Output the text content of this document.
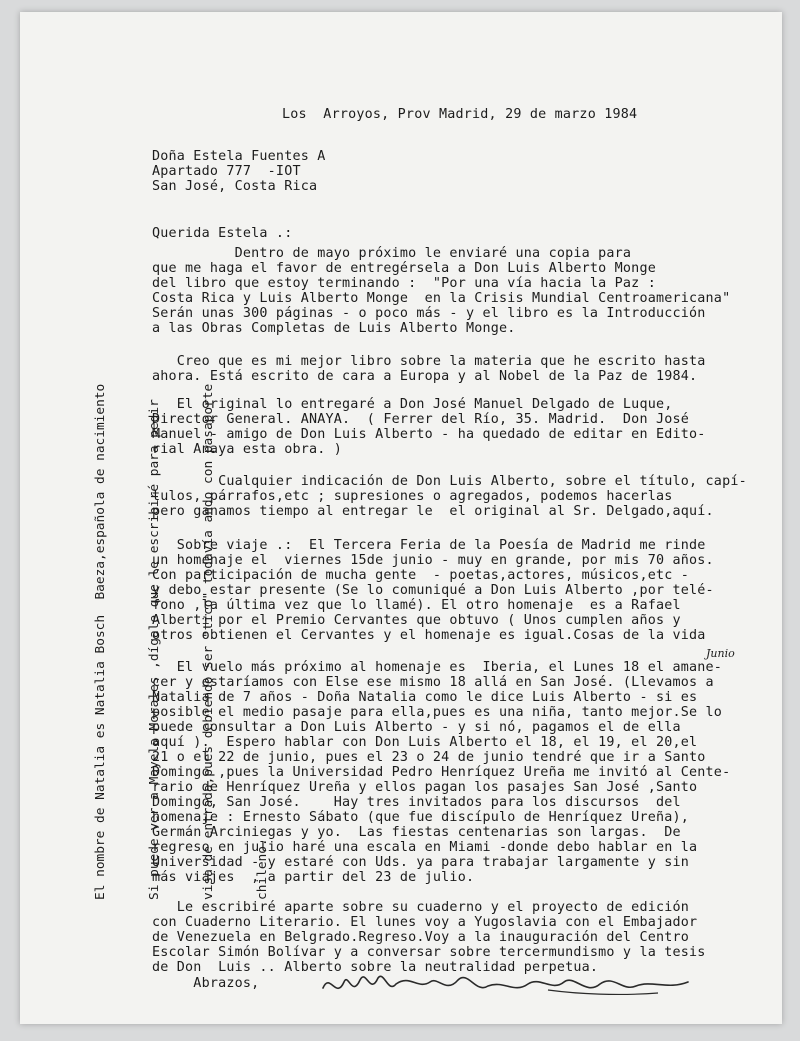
Los  Arroyos, Prov Madrid, 29 de marzo 1984
Doña Estela Fuentes A
Apartado 777  -IOT
San José, Costa Rica
Querida Estela .:
Dentro de mayo próximo le enviaré una copia para
que me haga el favor de entregérsela a Don Luis Alberto Monge
del libro que estoy terminando :  "Por una vía hacia la Paz :
Costa Rica y Luis Alberto Monge  en la Crisis Mundial Centroamericana"
Serán unas 300 páginas - o poco más - y el libro es la Introducción
a las Obras Completas de Luis Alberto Monge.
Creo que es mi mejor libro sobre la materia que he escrito hasta
ahora. Está escrito de cara a Europa y al Nobel de la Paz de 1984.
El original lo entregaré a Don José Manuel Delgado de Luque,
Director General. ANAYA.  ( Ferrer del Río, 35. Madrid.  Don José
Manuel - amigo de Don Luis Alberto - ha quedado de editar en Edito-
rial Anaya esta obra. )
Cualquier indicación de Don Luis Alberto, sobre el título, capí-
tulos, párrafos,etc ; supresiones o agregados, podemos hacerlas
pero ganamos tiempo al entregar le  el original al Sr. Delgado,aquí.
Sobre viaje .:  El Tercera Feria de la Poesía de Madrid me rinde
un homenaje el  viernes 15de junio - muy en grande, por mis 70 años.
Con participación de mucha gente  - poetas,actores, músicos,etc -
y debo estar presente (Se lo comuniqué a Don Luis Alberto ,por telé-
fono ,la última vez que lo llamé). El otro homenaje  es a Rafael
Alberti por el Premio Cervantes que obtuvo ( Unos cumplen años y
otros obtienen el Cervantes y el homenaje es igual.Cosas de la vida
Junio
El vuelo más próximo al homenaje es  Iberia, el Lunes 18 el amane-
cer y estaríamos con Else ese mismo 18 allá en San José. (Llevamos a
Natalia de 7 años - Doña Natalia como le dice Luis Alberto - si es
posible el medio pasaje para ella,pues es una niña, tanto mejor.Se lo
puede consultar a Don Luis Alberto - y si nó, pagamos el de ella
aquí ).  Espero hablar con Don Luis Alberto el 18, el 19, el 20,el
21 o el 22 de junio, pues el 23 o 24 de junio tendré que ir a Santo
Domingo ,pues la Universidad Pedro Henríquez Ureña me invitó al Cente-
rario de Henríquez Ureña y ellos pagan los pasajes San José ,Santo
Domingo, San José.    Hay tres invitados para los discursos  del
homenaje : Ernesto Sábato (que fue discípulo de Henríquez Ureña),
Germán Arciniegas y yo.  Las fiestas centenarias son largas.  De
regreso en julio haré una escala en Miami -donde debo hablar en la
Universidad - y estaré con Uds. ya para trabajar largamente y sin
más viajes  , a partir del 23 de julio.
Le escribiré aparte sobre su cuaderno y el proyecto de edición
con Cuaderno Literario. El lunes voy a Yugoslavia con el Embajador
de Venezuela en Belgrado.Regreso.Voy a la inauguración del Centro
Escolar Simón Bolívar y a conversar sobre tercermundismo y la tesis
de Don  Luis .. Alberto sobre la neutralidad perpetua.
Abrazos,

El nombre de Natalia es Natalia Bosch  Baeza,española de nacimiento

	Si puede ver a Mayela Morales ,dígale que le escribiré para pedir

	visa de entrada,pues debiendo ser "tico" todavía ando con pasaporte

	chileno.
